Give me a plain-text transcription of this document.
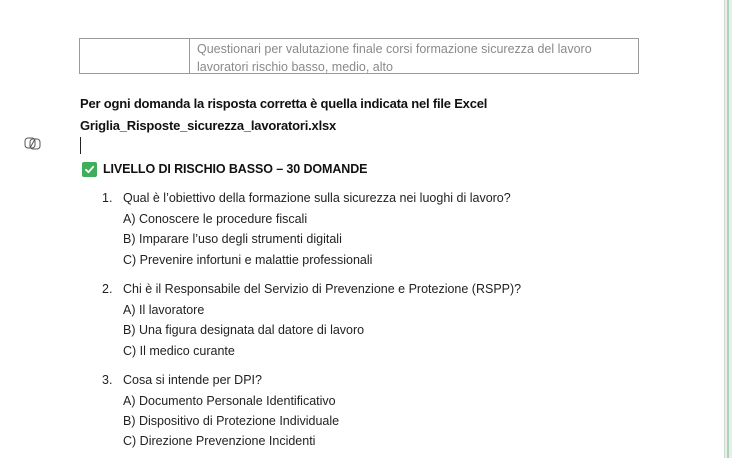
Questionari per valutazione finale corsi formazione sicurezza del lavoro lavoratori rischio basso, medio, alto
Per ogni domanda la risposta corretta è quella indicata nel file Excel Griglia_Risposte_sicurezza_lavoratori.xlsx
LIVELLO DI RISCHIO BASSO – 30 DOMANDE
1. Qual è l’obiettivo della formazione sulla sicurezza nei luoghi di lavoro?
A) Conoscere le procedure fiscali
B) Imparare l’uso degli strumenti digitali
C) Prevenire infortuni e malattie professionali
2. Chi è il Responsabile del Servizio di Prevenzione e Protezione (RSPP)?
A) Il lavoratore
B) Una figura designata dal datore di lavoro
C) Il medico curante
3. Cosa si intende per DPI?
A) Documento Personale Identificativo
B) Dispositivo di Protezione Individuale
C) Direzione Prevenzione Incidenti
